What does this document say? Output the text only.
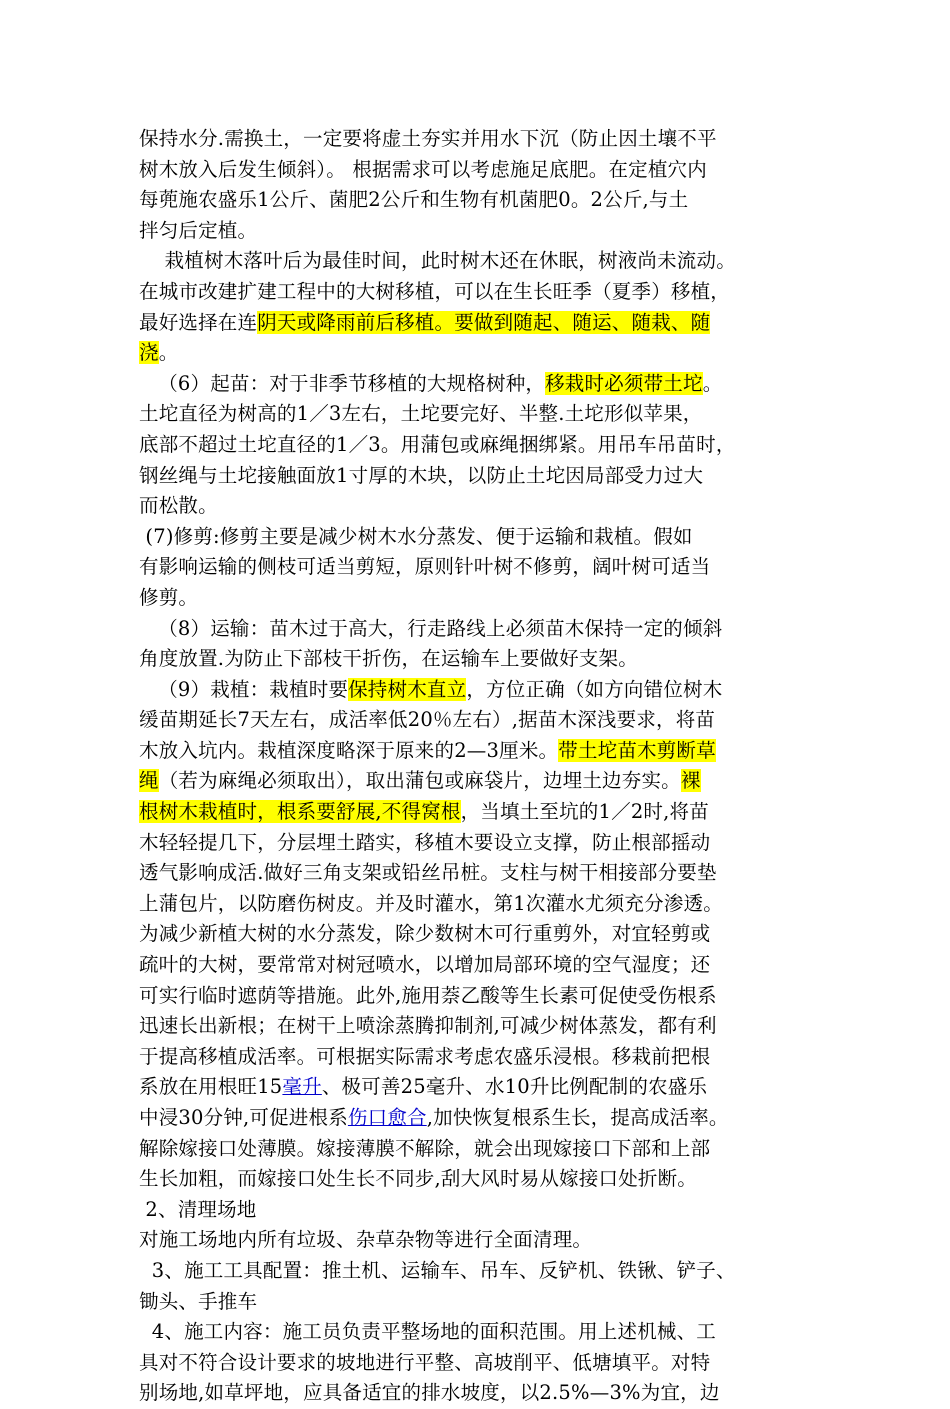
保持水分.需换土，一定要将虚土夯实并用水下沉（防止因土壤不平

树木放入后发生倾斜）。 根据需求可以考虑施足底肥。在定植穴内

每蔸施农盛乐1公斤、菌肥2公斤和生物有机菌肥0。2公斤,与土

拌匀后定植。

栽植树木落叶后为最佳时间，此时树木还在休眠，树液尚未流动。

在城市改建扩建工程中的大树移植，可以在生长旺季（夏季）移植，

最好选择在连阴天或降雨前后移植。要做到随起、随运、随栽、随

浇。

（6）起苗：对于非季节移植的大规格树种，移栽时必须带土坨。

土坨直径为树高的1／3左右，土坨要完好、半整.土坨形似苹果，

底部不超过土坨直径的1／3。用蒲包或麻绳捆绑紧。用吊车吊苗时，

钢丝绳与土坨接触面放1寸厚的木块，以防止土坨因局部受力过大

而松散。

(7)修剪:修剪主要是减少树木水分蒸发、便于运输和栽植。假如

有影响运输的侧枝可适当剪短，原则针叶树不修剪，阔叶树可适当

修剪。

（8）运输：苗木过于高大，行走路线上必须苗木保持一定的倾斜

角度放置.为防止下部枝干折伤，在运输车上要做好支架。

（9）栽植：栽植时要保持树木直立，方位正确（如方向错位树木

缓苗期延长7天左右，成活率低20％左右）,据苗木深浅要求，将苗

木放入坑内。栽植深度略深于原来的2—3厘米。带土坨苗木剪断草

绳（若为麻绳必须取出），取出蒲包或麻袋片，边埋土边夯实。裸

根树木栽植时，根系要舒展,不得窝根，当填土至坑的1／2时,将苗

木轻轻提几下，分层埋土踏实，移植木要设立支撑，防止根部摇动

透气影响成活.做好三角支架或铅丝吊桩。支柱与树干相接部分要垫

上蒲包片，以防磨伤树皮。并及时灌水，第1次灌水尤须充分渗透。

为减少新植大树的水分蒸发，除少数树木可行重剪外，对宜轻剪或

疏叶的大树，要常常对树冠喷水，以增加局部环境的空气湿度；还

可实行临时遮荫等措施。此外,施用萘乙酸等生长素可促使受伤根系

迅速长出新根；在树干上喷涂蒸腾抑制剂,可减少树体蒸发，都有利

于提高移植成活率。可根据实际需求考虑农盛乐浸根。移栽前把根

系放在用根旺15毫升、极可善25毫升、水10升比例配制的农盛乐

中浸30分钟,可促进根系伤口愈合,加快恢复根系生长，提高成活率。

解除嫁接口处薄膜。嫁接薄膜不解除，就会出现嫁接口下部和上部

生长加粗，而嫁接口处生长不同步,刮大风时易从嫁接口处折断。

2、清理场地

对施工场地内所有垃圾、杂草杂物等进行全面清理。

3、施工工具配置：推土机、运输车、吊车、反铲机、铁锹、铲子、

锄头、手推车

4、施工内容：施工员负责平整场地的面积范围。用上述机械、工

具对不符合设计要求的坡地进行平整、高坡削平、低塘填平。对特

别场地,如草坪地，应具备适宜的排水坡度，以2.5%—3%为宜，边
